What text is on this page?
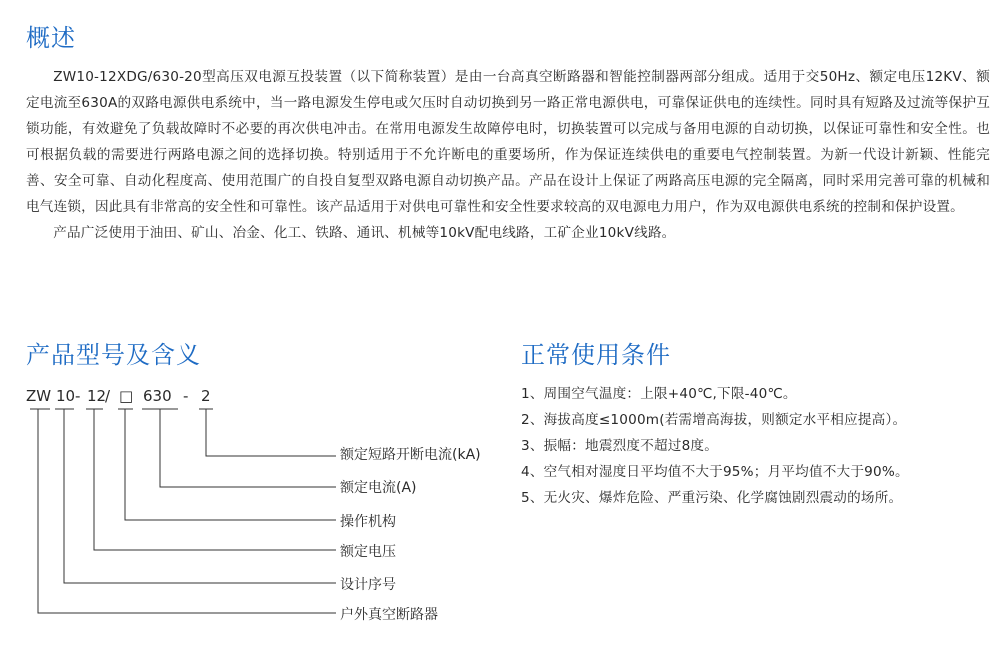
概述

ZW10-12XDG/630-20型高压双电源互投装置（以下简称装置）是由一台高真空断路器和智能控制器两部分组成。适用于交50Hz、额定电压12KV、额定电流至630A的双路电源供电系统中，当一路电源发生停电或欠压时自动切换到另一路正常电源供电，可靠保证供电的连续性。同时具有短路及过流等保护互锁功能，有效避免了负载故障时不必要的再次供电冲击。在常用电源发生故障停电时，切换装置可以完成与备用电源的自动切换，以保证可靠性和安全性。也可根据负载的需要进行两路电源之间的选择切换。特别适用于不允许断电的重要场所，作为保证连续供电的重要电气控制装置。为新一代设计新颖、性能完善、安全可靠、自动化程度高、使用范围广的自投自复型双路电源自动切换产品。产品在设计上保证了两路高压电源的完全隔离，同时采用完善可靠的机械和电气连锁，因此具有非常高的安全性和可靠性。该产品适用于对供电可靠性和安全性要求较高的双电源电力用户，作为双电源供电系统的控制和保护设置。

产品广泛使用于油田、矿山、冶金、化工、铁路、通讯、机械等10kV配电线路，工矿企业10kV线路。

产品型号及含义
ZW 10 - 12
/ □ 630 - 2
额定短路开断电流(kA)
额定电流(A)
操作机构
额定电压
设计序号
户外真空断路器
正常使用条件
1、周围空气温度：上限+40℃,下限-40℃。
2、海拔高度≤1000m(若需增高海拔，则额定水平相应提高）。
3、振幅：地震烈度不超过8度。
4、空气相对湿度日平均值不大于95%；月平均值不大于90%。
5、无火灾、爆炸危险、严重污染、化学腐蚀剧烈震动的场所。
